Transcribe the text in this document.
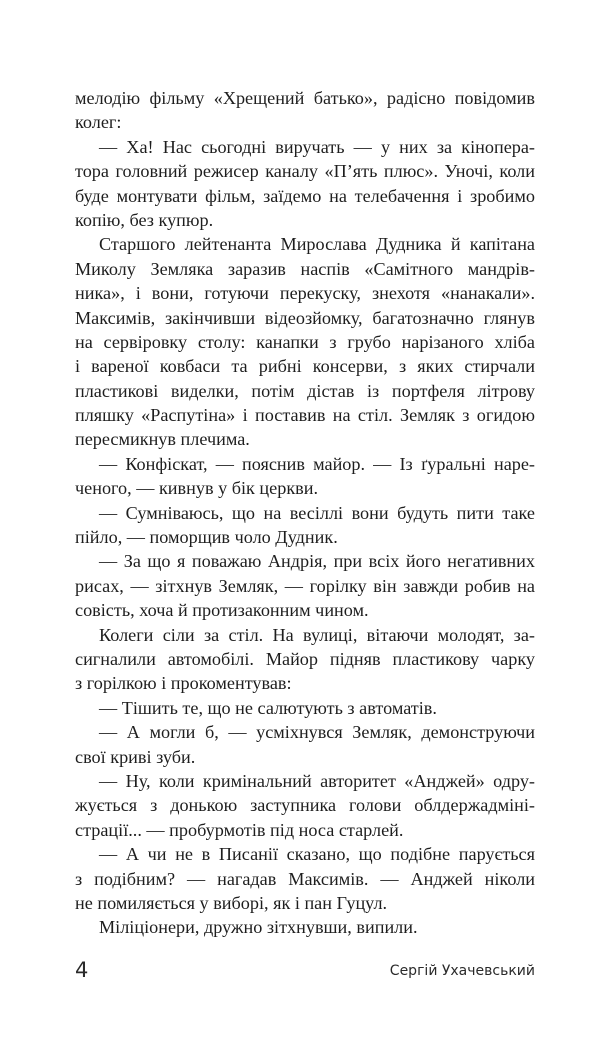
мелодію фільму «Хрещений батько», радісно повідомив
колег:
— Ха! Нас сьогодні виручать — у них за кінопера-
тора головний режисер каналу «П’ять плюс». Уночі, коли
буде монтувати фільм, заїдемо на телебачення і зробимо
копію, без купюр.
Старшого лейтенанта Мирослава Дудника й капітана
Миколу Земляка заразив наспів «Самітного мандрів-
ника», і вони, готуючи перекуску, знехотя «нанакали».
Максимів, закінчивши відеозйомку, багатозначно глянув
на сервіровку столу: канапки з грубо нарізаного хліба
і вареної ковбаси та рибні консерви, з яких стирчали
пластикові виделки, потім дістав із портфеля літрову
пляшку «Распутіна» і поставив на стіл. Земляк з огидою
пересмикнув плечима.
— Конфіскат, — пояснив майор. — Із ґуральні наре-
ченого, — кивнув у бік церкви.
— Сумніваюсь, що на весіллі вони будуть пити таке
пійло, — поморщив чоло Дудник.
— За що я поважаю Андрія, при всіх його негативних
рисах, — зітхнув Земляк, — горілку він завжди робив на
совість, хоча й протизаконним чином.
Колеги сіли за стіл. На вулиці, вітаючи молодят, за-
сигналили автомобілі. Майор підняв пластикову чарку
з горілкою і прокоментував:
— Тішить те, що не салютують з автоматів.
— А могли б, — усміхнувся Земляк, демонструючи
свої криві зуби.
— Ну, коли кримінальний авторитет «Анджей» одру-
жується з донькою заступника голови облдержадміні-
страції... — пробурмотів під носа старлей.
— А чи не в Писанії сказано, що подібне парується
з подібним? — нагадав Максимів. — Анджей ніколи
не помиляється у виборі, як і пан Гуцул.
Міліціонери, дружно зітхнувши, випили.
4	Сергій Ухачевський
